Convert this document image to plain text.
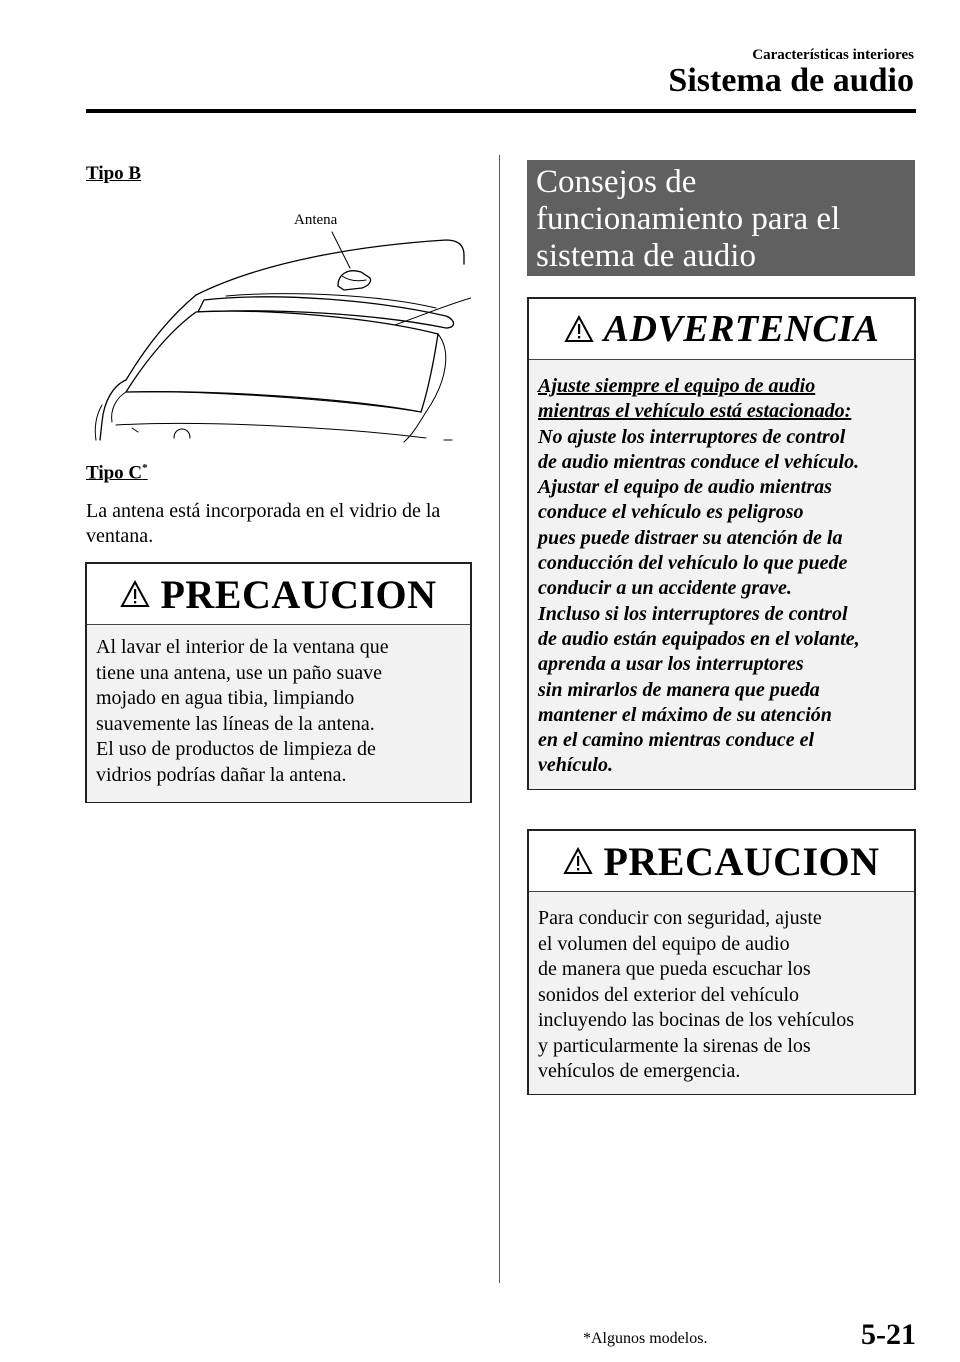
Características interiores
Sistema de audio
Tipo B
Antena
Tipo C*
La antena está incorporada en el vidrio de la ventana.
PRECAUCION
Al lavar el interior de la ventana que
tiene una antena, use un paño suave
mojado en agua tibia, limpiando
suavemente las líneas de la antena.
El uso de productos de limpieza de
vidrios podrías dañar la antena.
Consejos de
funcionamiento para el
sistema de audio
ADVERTENCIA
Ajuste siempre el equipo de audio
mientras el vehículo está estacionado:
No ajuste los interruptores de control
de audio mientras conduce el vehículo.
Ajustar el equipo de audio mientras
conduce el vehículo es peligroso
pues puede distraer su atención de la
conducción del vehículo lo que puede
conducir a un accidente grave.
Incluso si los interruptores de control
de audio están equipados en el volante,
aprenda a usar los interruptores
sin mirarlos de manera que pueda
mantener el máximo de su atención
en el camino mientras conduce el
vehículo.
PRECAUCION
Para conducir con seguridad, ajuste
el volumen del equipo de audio
de manera que pueda escuchar los
sonidos del exterior del vehículo
incluyendo las bocinas de los vehículos
y particularmente la sirenas de los
vehículos de emergencia.
*Algunos modelos.	5-21
